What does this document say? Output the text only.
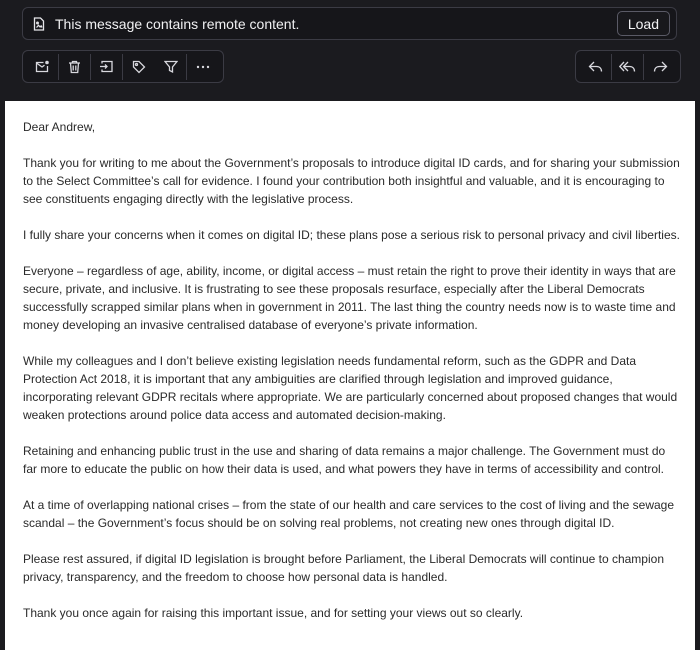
This message contains remote content.	Load

Dear Andrew,

Thank you for writing to me about the Government’s proposals to introduce digital ID cards, and for sharing your submission to the Select Committee’s call for evidence. I found your contribution both insightful and valuable, and it is encouraging to see constituents engaging directly with the legislative process.

I fully share your concerns when it comes on digital ID; these plans pose a serious risk to personal privacy and civil liberties.

Everyone – regardless of age, ability, income, or digital access – must retain the right to prove their identity in ways that are secure, private, and inclusive. It is frustrating to see these proposals resurface, especially after the Liberal Democrats successfully scrapped similar plans when in government in 2011. The last thing the country needs now is to waste time and money developing an invasive centralised database of everyone’s private information.

While my colleagues and I don’t believe existing legislation needs fundamental reform, such as the GDPR and Data Protection Act 2018, it is important that any ambiguities are clarified through legislation and improved guidance, incorporating relevant GDPR recitals where appropriate. We are particularly concerned about proposed changes that would weaken protections around police data access and automated decision-making.

Retaining and enhancing public trust in the use and sharing of data remains a major challenge. The Government must do far more to educate the public on how their data is used, and what powers they have in terms of accessibility and control.

At a time of overlapping national crises – from the state of our health and care services to the cost of living and the sewage scandal – the Government’s focus should be on solving real problems, not creating new ones through digital ID.

Please rest assured, if digital ID legislation is brought before Parliament, the Liberal Democrats will continue to champion privacy, transparency, and the freedom to choose how personal data is handled.

Thank you once again for raising this important issue, and for setting your views out so clearly.
